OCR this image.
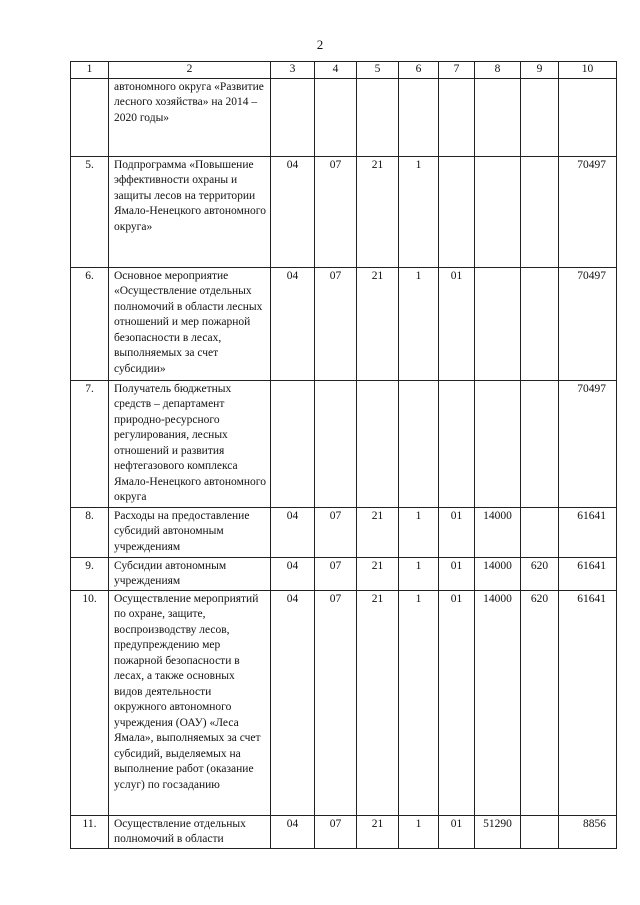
2
1	2	3	4	5	6	7	8	9	10
	автономного округа «Развитие лесного хозяйства» на 2014 – 2020 годы»								
5.	Подпрограмма «Повышение эффективности охраны и защиты лесов на территории Ямало-Ненецкого автономного округа»	04	07	21	1				70497
6.	Основное мероприятие «Осуществление отдельных полномочий в области лесных отношений и мер пожарной безопасности в лесах, выполняемых за счет субсидии»	04	07	21	1	01			70497
7.	Получатель бюджетных средств – департамент природно-ресурсного регулирования, лесных отношений и развития нефтегазового комплекса Ямало-Ненецкого автономного округа								70497
8.	Расходы на предоставление субсидий автономным учреждениям	04	07	21	1	01	14000		61641
9.	Субсидии автономным учреждениям	04	07	21	1	01	14000	620	61641
10.	Осуществление мероприятий по охране, защите, воспроизводству лесов, предупреждению мер пожарной безопасности в лесах, а также основных видов деятельности окружного автономного учреждения (ОАУ) «Леса Ямала», выполняемых за счет субсидий, выделяемых на выполнение работ (оказание услуг) по госзаданию	04	07	21	1	01	14000	620	61641
11.	Осуществление отдельных полномочий в области	04	07	21	1	01	51290		8856
